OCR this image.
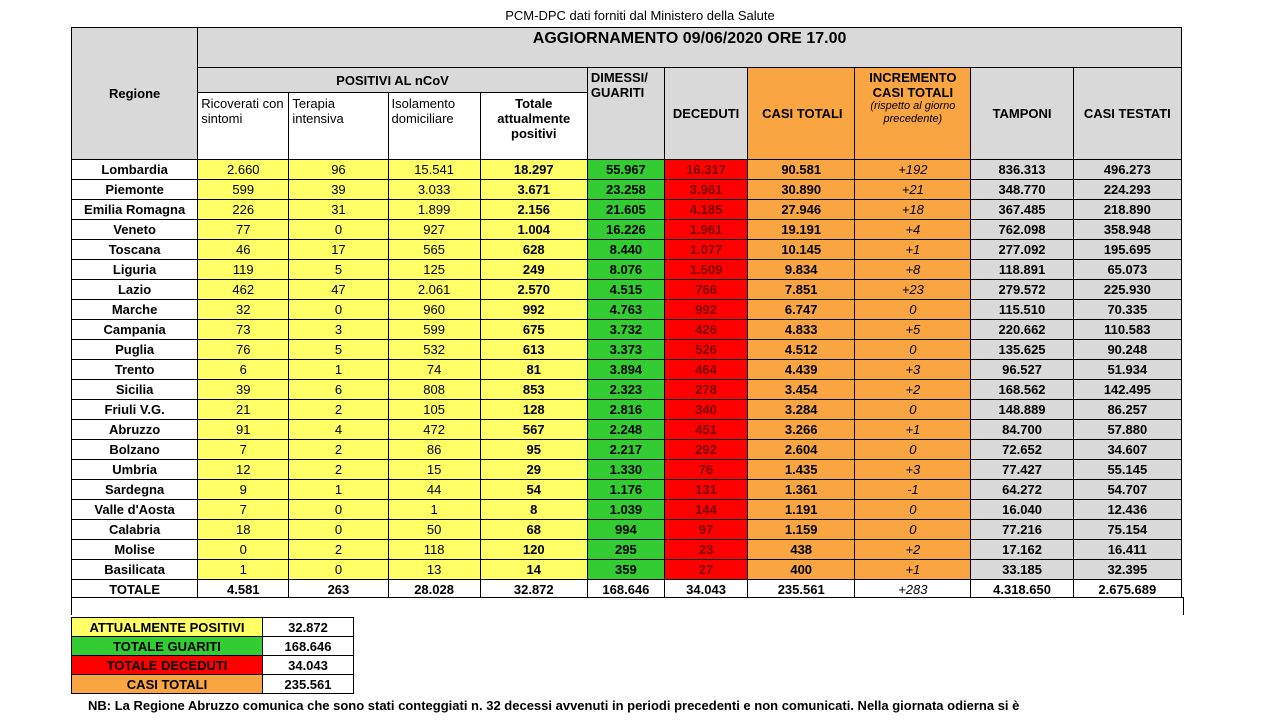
PCM-DPC dati forniti dal Ministero della Salute
Regione	AGGIORNAMENTO 09/06/2020 ORE 17.00									
	POSITIVI AL nCoV				DIMESSI/ GUARITI	DECEDUTI	CASI TOTALI	INCREMENTO CASI TOTALI
(rispetto al giorno precedente)	TAMPONI	CASI TESTATI
	Ricoverati con sintomi	Terapia intensiva	Isolamento domiciliare	Totale attualmente positivi						
Lombardia	2.660	96	15.541	18.297	55.967	16.317	90.581	+192	836.313	496.273
Piemonte	599	39	3.033	3.671	23.258	3.961	30.890	+21	348.770	224.293
Emilia Romagna	226	31	1.899	2.156	21.605	4.185	27.946	+18	367.485	218.890
Veneto	77	0	927	1.004	16.226	1.961	19.191	+4	762.098	358.948
Toscana	46	17	565	628	8.440	1.077	10.145	+1	277.092	195.695
Liguria	119	5	125	249	8.076	1.509	9.834	+8	118.891	65.073
Lazio	462	47	2.061	2.570	4.515	766	7.851	+23	279.572	225.930
Marche	32	0	960	992	4.763	992	6.747	0	115.510	70.335
Campania	73	3	599	675	3.732	426	4.833	+5	220.662	110.583
Puglia	76	5	532	613	3.373	526	4.512	0	135.625	90.248
Trento	6	1	74	81	3.894	464	4.439	+3	96.527	51.934
Sicilia	39	6	808	853	2.323	278	3.454	+2	168.562	142.495
Friuli V.G.	21	2	105	128	2.816	340	3.284	0	148.889	86.257
Abruzzo	91	4	472	567	2.248	451	3.266	+1	84.700	57.880
Bolzano	7	2	86	95	2.217	292	2.604	0	72.652	34.607
Umbria	12	2	15	29	1.330	76	1.435	+3	77.427	55.145
Sardegna	9	1	44	54	1.176	131	1.361	-1	64.272	54.707
Valle d'Aosta	7	0	1	8	1.039	144	1.191	0	16.040	12.436
Calabria	18	0	50	68	994	97	1.159	0	77.216	75.154
Molise	0	2	118	120	295	23	438	+2	17.162	16.411
Basilicata	1	0	13	14	359	27	400	+1	33.185	32.395
TOTALE	4.581	263	28.028	32.872	168.646	34.043	235.561	+283	4.318.650	2.675.689
ATTUALMENTE POSITIVI	32.872
TOTALE GUARITI	168.646
TOTALE DECEDUTI	34.043
CASI TOTALI	235.561
NB: La Regione Abruzzo comunica che sono stati conteggiati n. 32 decessi avvenuti in periodi precedenti e non comunicati. Nella giornata odierna si è
